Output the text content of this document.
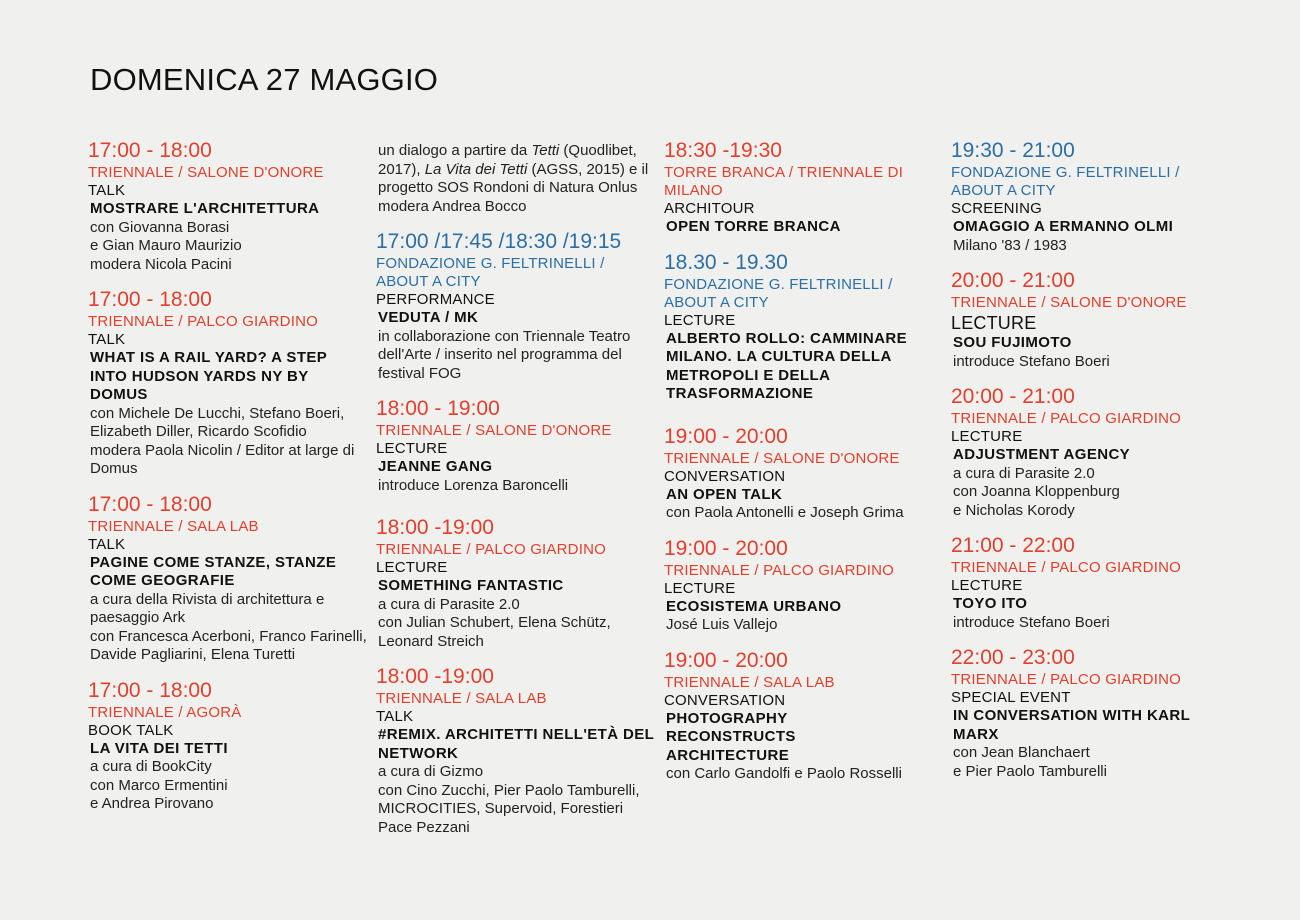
DOMENICA 27 MAGGIO
17:00 - 18:00
TRIENNALE / SALONE D'ONORE
TALK
MOSTRARE L'ARCHITETTURA
con Giovanna Borasi
e Gian Mauro Maurizio
modera Nicola Pacini
17:00 - 18:00
TRIENNALE / PALCO GIARDINO
TALK
WHAT IS A RAIL YARD? A STEP INTO HUDSON YARDS NY BY DOMUS
con Michele De Lucchi, Stefano Boeri, Elizabeth Diller, Ricardo Scofidio
modera Paola Nicolin / Editor at large di Domus
17:00 - 18:00
TRIENNALE / SALA LAB
TALK
PAGINE COME STANZE, STANZE COME GEOGRAFIE
a cura della Rivista di architettura e paesaggio Ark
con Francesca Acerboni, Franco Farinelli, Davide Pagliarini, Elena Turetti
17:00 - 18:00
TRIENNALE / AGORÀ
BOOK TALK
LA VITA DEI TETTI
a cura di BookCity
con Marco Ermentini
e Andrea Pirovano
un dialogo a partire da Tetti (Quodlibet, 2017), La Vita dei Tetti (AGSS, 2015) e il progetto SOS Rondoni di Natura Onlus
modera Andrea Bocco
17:00 /17:45 /18:30 /19:15
FONDAZIONE G. FELTRINELLI / ABOUT A CITY
PERFORMANCE
VEDUTA / MK
in collaborazione con Triennale Teatro dell'Arte / inserito nel programma del festival FOG
18:00 - 19:00
TRIENNALE / SALONE D'ONORE
LECTURE
JEANNE GANG
introduce Lorenza Baroncelli
18:00 -19:00
TRIENNALE / PALCO GIARDINO
LECTURE
SOMETHING FANTASTIC
a cura di Parasite 2.0
con Julian Schubert, Elena Schütz, Leonard Streich
18:00 -19:00
TRIENNALE / SALA LAB
TALK
#REMIX. ARCHITETTI NELL'ETÀ DEL NETWORK
a cura di Gizmo
con Cino Zucchi, Pier Paolo Tamburelli, MICROCITIES, Supervoid, Forestieri Pace Pezzani
18:30 -19:30
TORRE BRANCA / TRIENNALE DI MILANO
ARCHITOUR
OPEN TORRE BRANCA
18.30 - 19.30
FONDAZIONE G. FELTRINELLI / ABOUT A CITY
LECTURE
ALBERTO ROLLO: CAMMINARE MILANO. LA CULTURA DELLA METROPOLI E DELLA TRASFORMAZIONE
19:00 - 20:00
TRIENNALE / SALONE D'ONORE
CONVERSATION
AN OPEN TALK
con Paola Antonelli e Joseph Grima
19:00 - 20:00
TRIENNALE / PALCO GIARDINO
LECTURE
ECOSISTEMA URBANO
José Luis Vallejo
19:00 - 20:00
TRIENNALE / SALA LAB
CONVERSATION
PHOTOGRAPHY RECONSTRUCTS ARCHITECTURE
con Carlo Gandolfi e Paolo Rosselli
19:30 - 21:00
FONDAZIONE G. FELTRINELLI / ABOUT A CITY
SCREENING
OMAGGIO A ERMANNO OLMI
Milano '83 / 1983
20:00 - 21:00
TRIENNALE / SALONE D'ONORE
LECTURE
SOU FUJIMOTO
introduce Stefano Boeri
20:00 - 21:00
TRIENNALE / PALCO GIARDINO
LECTURE
ADJUSTMENT AGENCY
a cura di Parasite 2.0
con Joanna Kloppenburg
e Nicholas Korody
21:00 - 22:00
TRIENNALE / PALCO GIARDINO
LECTURE
TOYO ITO
introduce Stefano Boeri
22:00 - 23:00
TRIENNALE / PALCO GIARDINO
SPECIAL EVENT
IN CONVERSATION WITH KARL MARX
con Jean Blanchaert
e Pier Paolo Tamburelli
